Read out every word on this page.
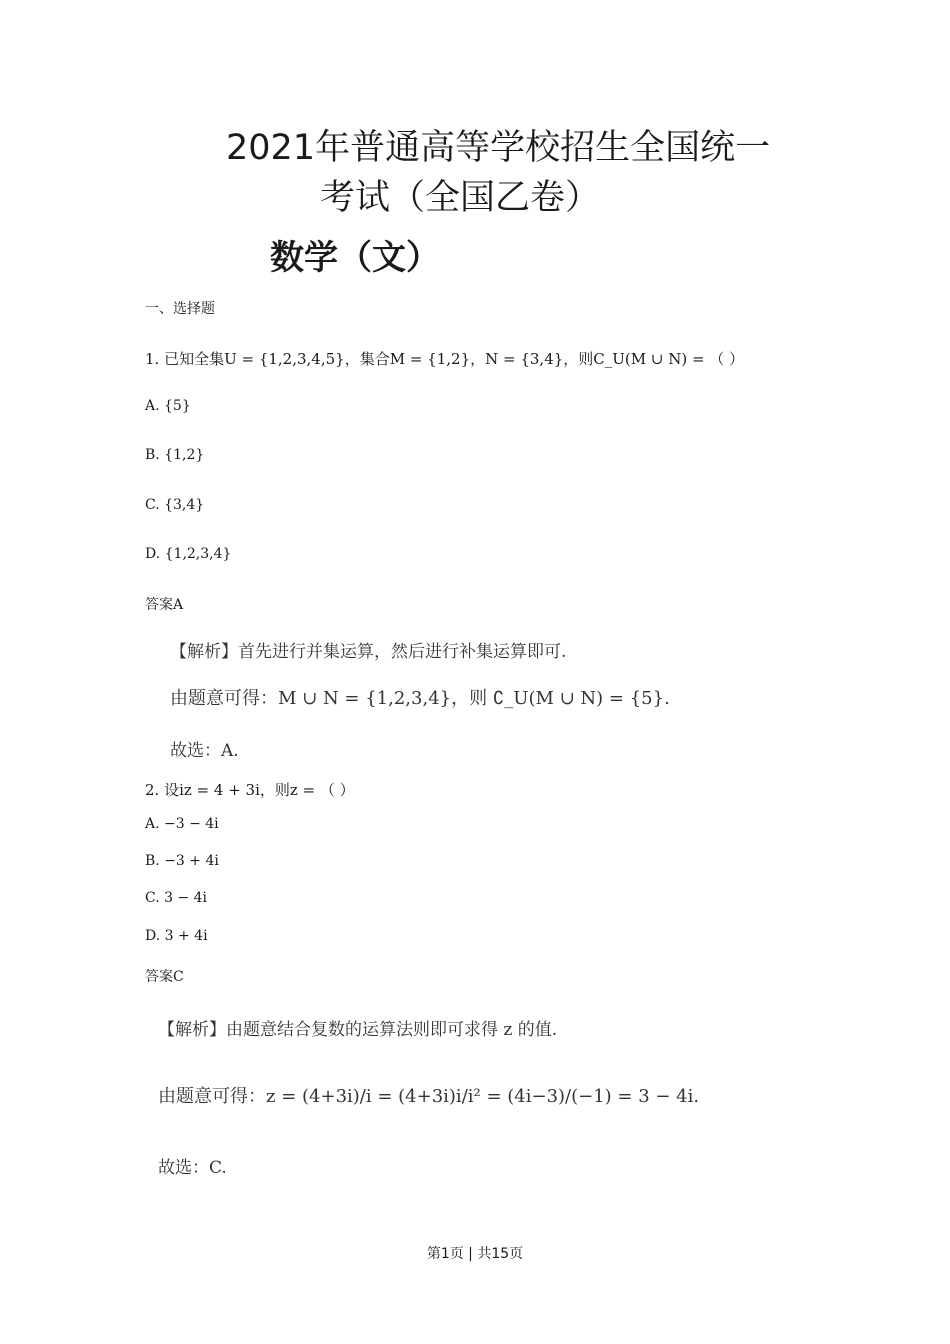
2021年普通高等学校招生全国统一
考试（全国乙卷）
数学（文）
一、选择题
1. 已知全集U = {1,2,3,4,5}，集合M = {1,2}，N = {3,4}，则C_U(M ∪ N) = （ ）
A. {5}
B. {1,2}
C. {3,4}
D. {1,2,3,4}
答案A
【解析】首先进行并集运算，然后进行补集运算即可.
由题意可得：M ∪ N = {1,2,3,4}，则 ∁_U(M ∪ N) = {5}.
故选：A.
2. 设iz = 4 + 3i，则z = （ ）
A. −3 − 4i
B. −3 + 4i
C. 3 − 4i
D. 3 + 4i
答案C
【解析】由题意结合复数的运算法则即可求得 z 的值.
由题意可得：z = (4+3i)/i = (4+3i)i/i² = (4i−3)/(−1) = 3 − 4i.
故选：C.
第1页 | 共15页
